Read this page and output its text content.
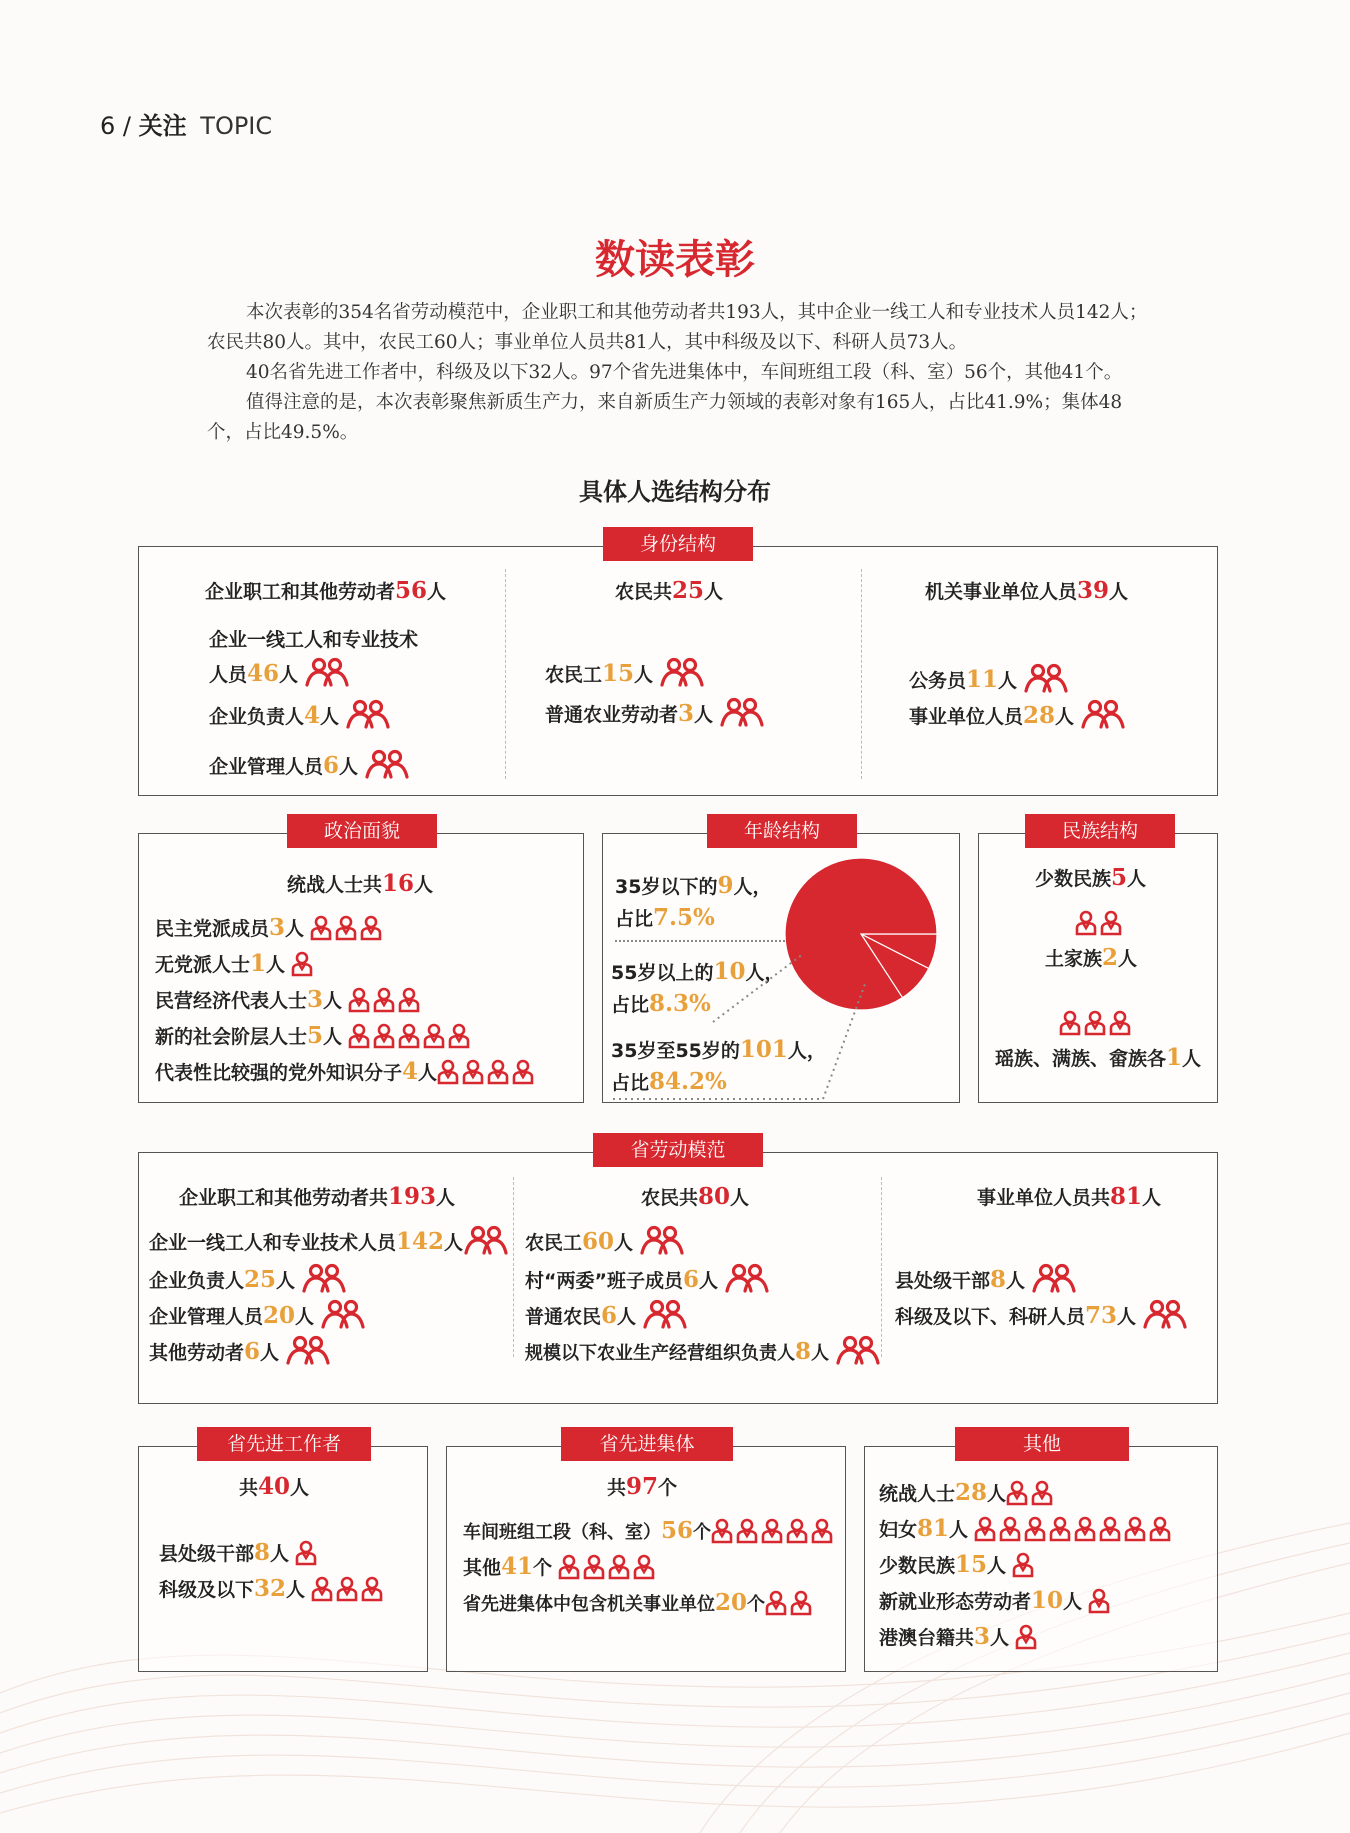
6 / 关注 TOPIC
数读表彰

本次表彰的354名省劳动模范中，企业职工和其他劳动者共193人，其中企业一线工人和专业技术人员142人；农民共80人。其中，农民工60人；事业单位人员共81人，其中科级及以下、科研人员73人。

40名省先进工作者中，科级及以下32人。97个省先进集体中，车间班组工段（科、室）56个，其他41个。

值得注意的是，本次表彰聚焦新质生产力，来自新质生产力领域的表彰对象有165人，占比41.9%；集体48个，占比49.5%。

具体人选结构分布
身份结构
企业职工和其他劳动者56人
企业一线工人和专业技术
人员46人
企业负责人4人
企业管理人员6人
农民共25人
农民工15人
普通农业劳动者3人
机关事业单位人员39人
公务员11人
事业单位人员28人
政治面貌
统战人士共16人
民主党派成员3人
无党派人士1人
民营经济代表人士3人
新的社会阶层人士5人
代表性比较强的党外知识分子4人
年龄结构
35岁以下的9人，
占比7.5%
55岁以上的10人，
占比8.3%
35岁至55岁的101人，
占比84.2%
民族结构
少数民族5人
土家族2人
瑶族、满族、畲族各1人
省劳动模范
企业职工和其他劳动者共193人
企业一线工人和专业技术人员142人
企业负责人25人
企业管理人员20人
其他劳动者6人
农民共80人
农民工60人
村“两委”班子成员6人
普通农民6人
规模以下农业生产经营组织负责人8人
事业单位人员共81人
县处级干部8人
科级及以下、科研人员73人
省先进工作者
共40人
县处级干部8人
科级及以下32人
省先进集体
共97个
车间班组工段（科、室）56个
其他41个
省先进集体中包含机关事业单位20个
其他
统战人士28人
妇女81人
少数民族15人
新就业形态劳动者10人
港澳台籍共3人
